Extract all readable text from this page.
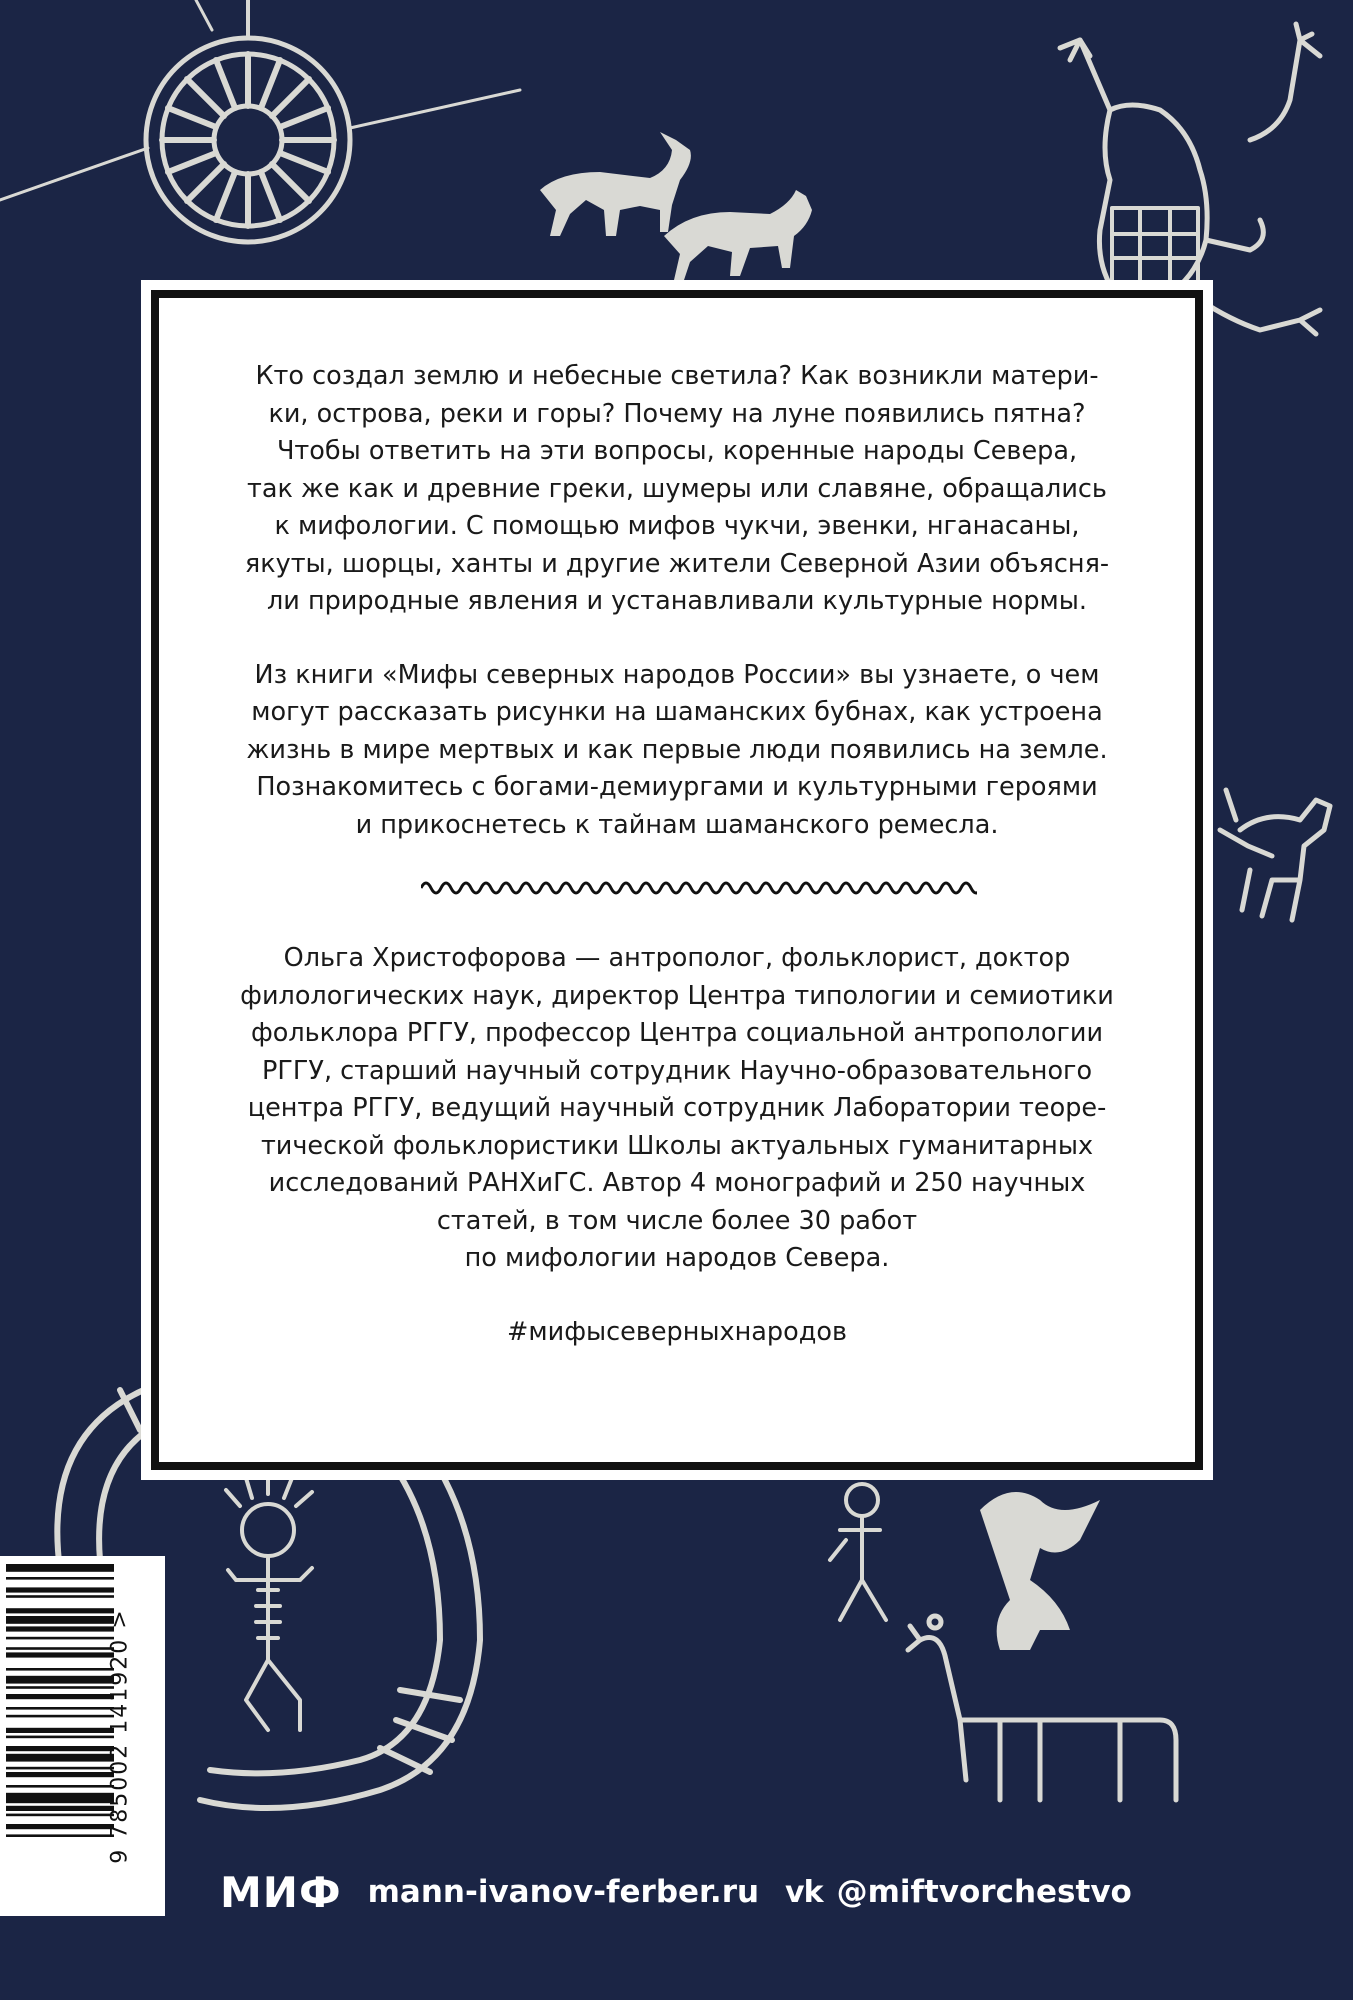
Кто создал землю и небесные светила? Как возникли матери-
ки, острова, реки и горы? Почему на луне появились пятна?
Чтобы ответить на эти вопросы, коренные народы Севера,
так же как и древние греки, шумеры или славяне, обращались
к мифологии. С помощью мифов чукчи, эвенки, нганасаны,
якуты, шорцы, ханты и другие жители Северной Азии объясня-
ли природные явления и устанавливали культурные нормы.

Из книги «Мифы северных народов России» вы узнаете, о чем
могут рассказать рисунки на шаманских бубнах, как устроена
жизнь в мире мертвых и как первые люди появились на земле.
Познакомитесь с богами-демиургами и культурными героями
и прикоснетесь к тайнам шаманского ремесла.

Ольга Христофорова — антрополог, фольклорист, доктор
филологических наук, директор Центра типологии и семиотики
фольклора РГГУ, профессор Центра социальной антропологии
РГГУ, старший научный сотрудник Научно-образовательного
центра РГГУ, ведущий научный сотрудник Лаборатории теоре-
тической фольклористики Школы актуальных гуманитарных
исследований РАНХиГС. Автор 4 монографий и 250 научных
статей, в том числе более 30 работ
по мифологии народов Севера.

#мифысеверныхнародов
9 785002 141920 >
МИФ mann-ivanov-ferber.ru vk @miftvorchestvo
